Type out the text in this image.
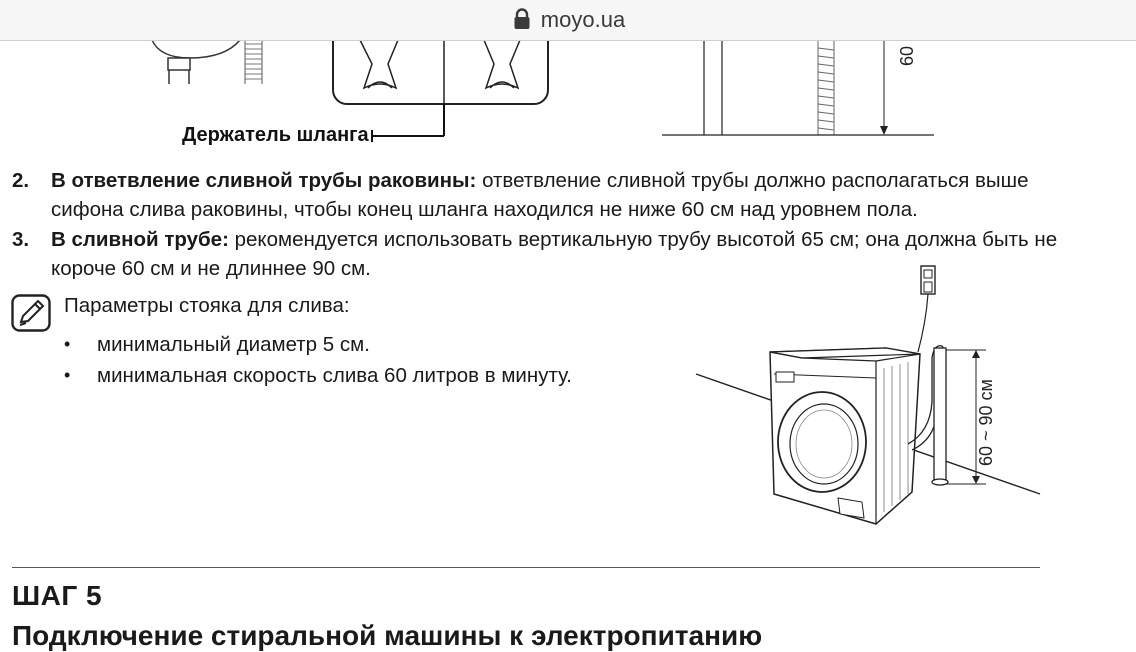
moyo.ua
60
Держатель шланга
2. В ответвление сливной трубы раковины: ответвление сливной трубы должно располагаться выше сифона слива раковины, чтобы конец шланга находился не ниже 60 см над уровнем пола.
3. В сливной трубе: рекомендуется использовать вертикальную трубу высотой 65 см; она должна быть не короче 60 см и не длиннее 90 см.
Параметры стояка для слива:
• минимальный диаметр 5 см.
• минимальная скорость слива 60 литров в минуту.
60 ~ 90 см
ШАГ 5
Подключение стиральной машины к электропитанию
